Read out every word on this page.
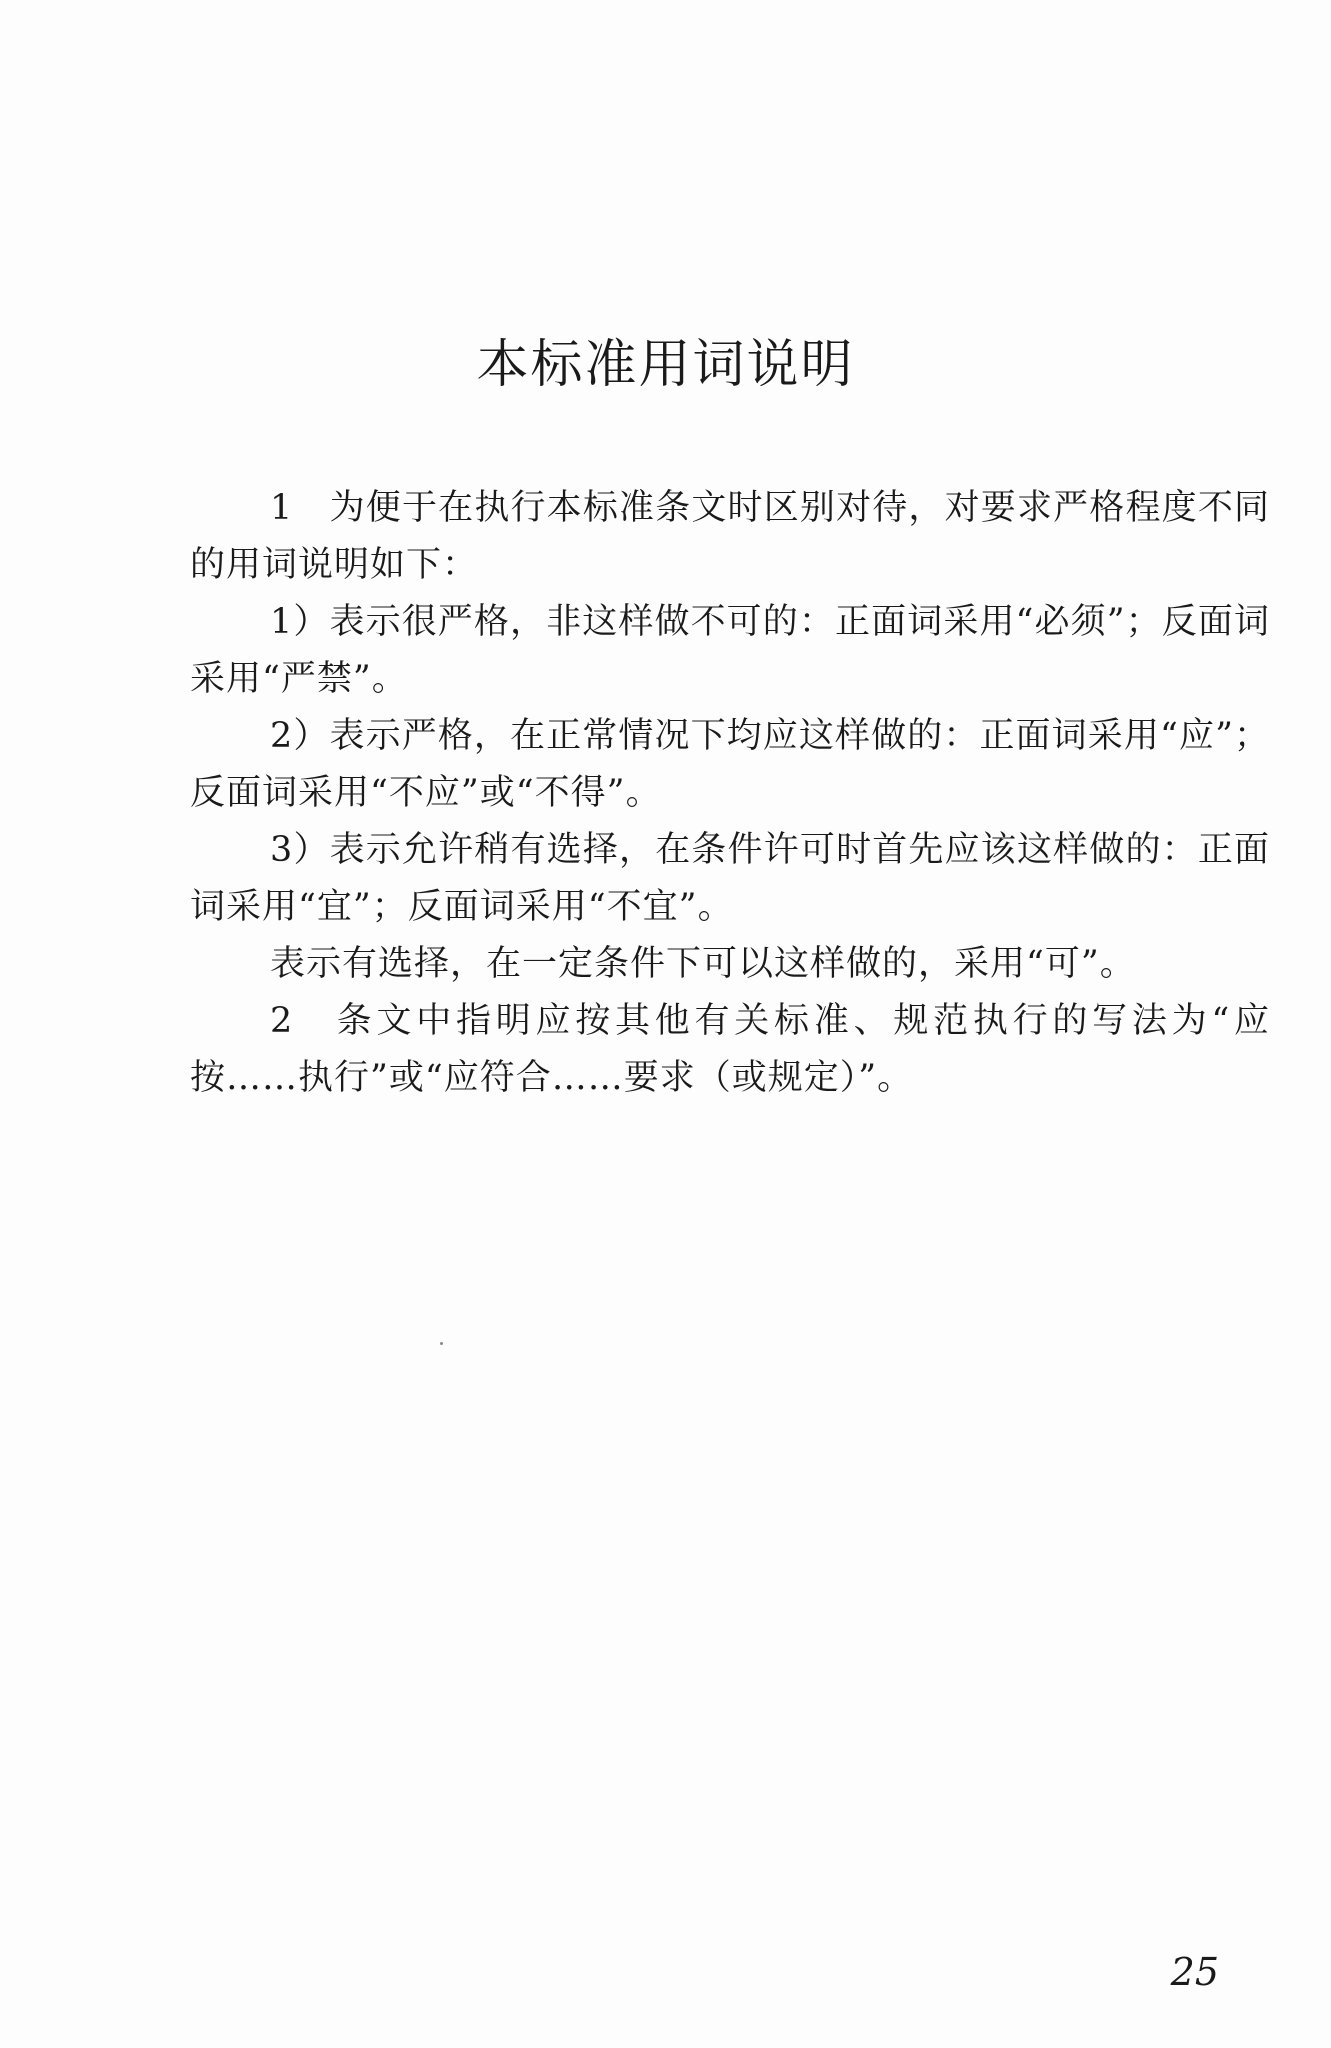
本标准用词说明

1　为便于在执行本标准条文时区别对待，对要求严格程度不同的用词说明如下：

1）表示很严格，非这样做不可的：正面词采用“必须”；反面词采用“严禁”。

2）表示严格，在正常情况下均应这样做的：正面词采用“应”；反面词采用“不应”或“不得”。

3）表示允许稍有选择，在条件许可时首先应该这样做的：正面词采用“宜”；反面词采用“不宜”。

表示有选择，在一定条件下可以这样做的，采用“可”。

2　条文中指明应按其他有关标准、规范执行的写法为“应按……执行”或“应符合……要求（或规定）”。

25
